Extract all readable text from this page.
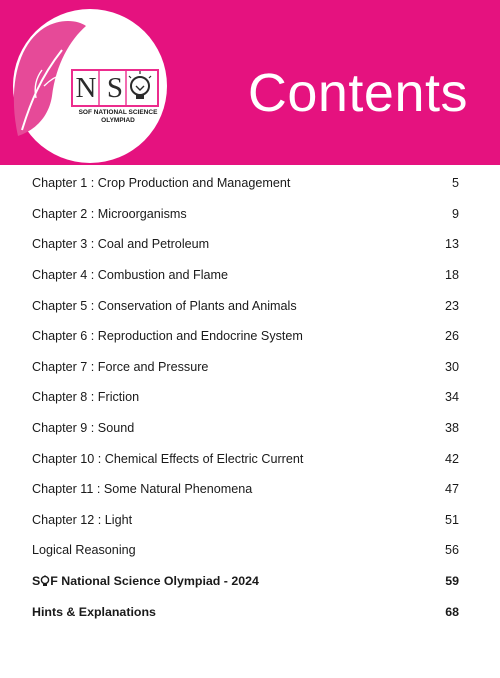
N S
SOF NATIONAL SCIENCE
OLYMPIAD	Contents
Chapter 1 : Crop Production and Management	5
Chapter 2 : Microorganisms	9
Chapter 3 : Coal and Petroleum	13
Chapter 4 : Combustion and Flame	18
Chapter 5 : Conservation of Plants and Animals	23
Chapter 6 : Reproduction and Endocrine System	26
Chapter 7 : Force and Pressure	30
Chapter 8 : Friction	34
Chapter 9 : Sound	38
Chapter 10 : Chemical Effects of Electric Current	42
Chapter 11 : Some Natural Phenomena	47
Chapter 12 : Light	51
Logical Reasoning	56
S F National Science Olympiad - 2024	59
Hints & Explanations	68
